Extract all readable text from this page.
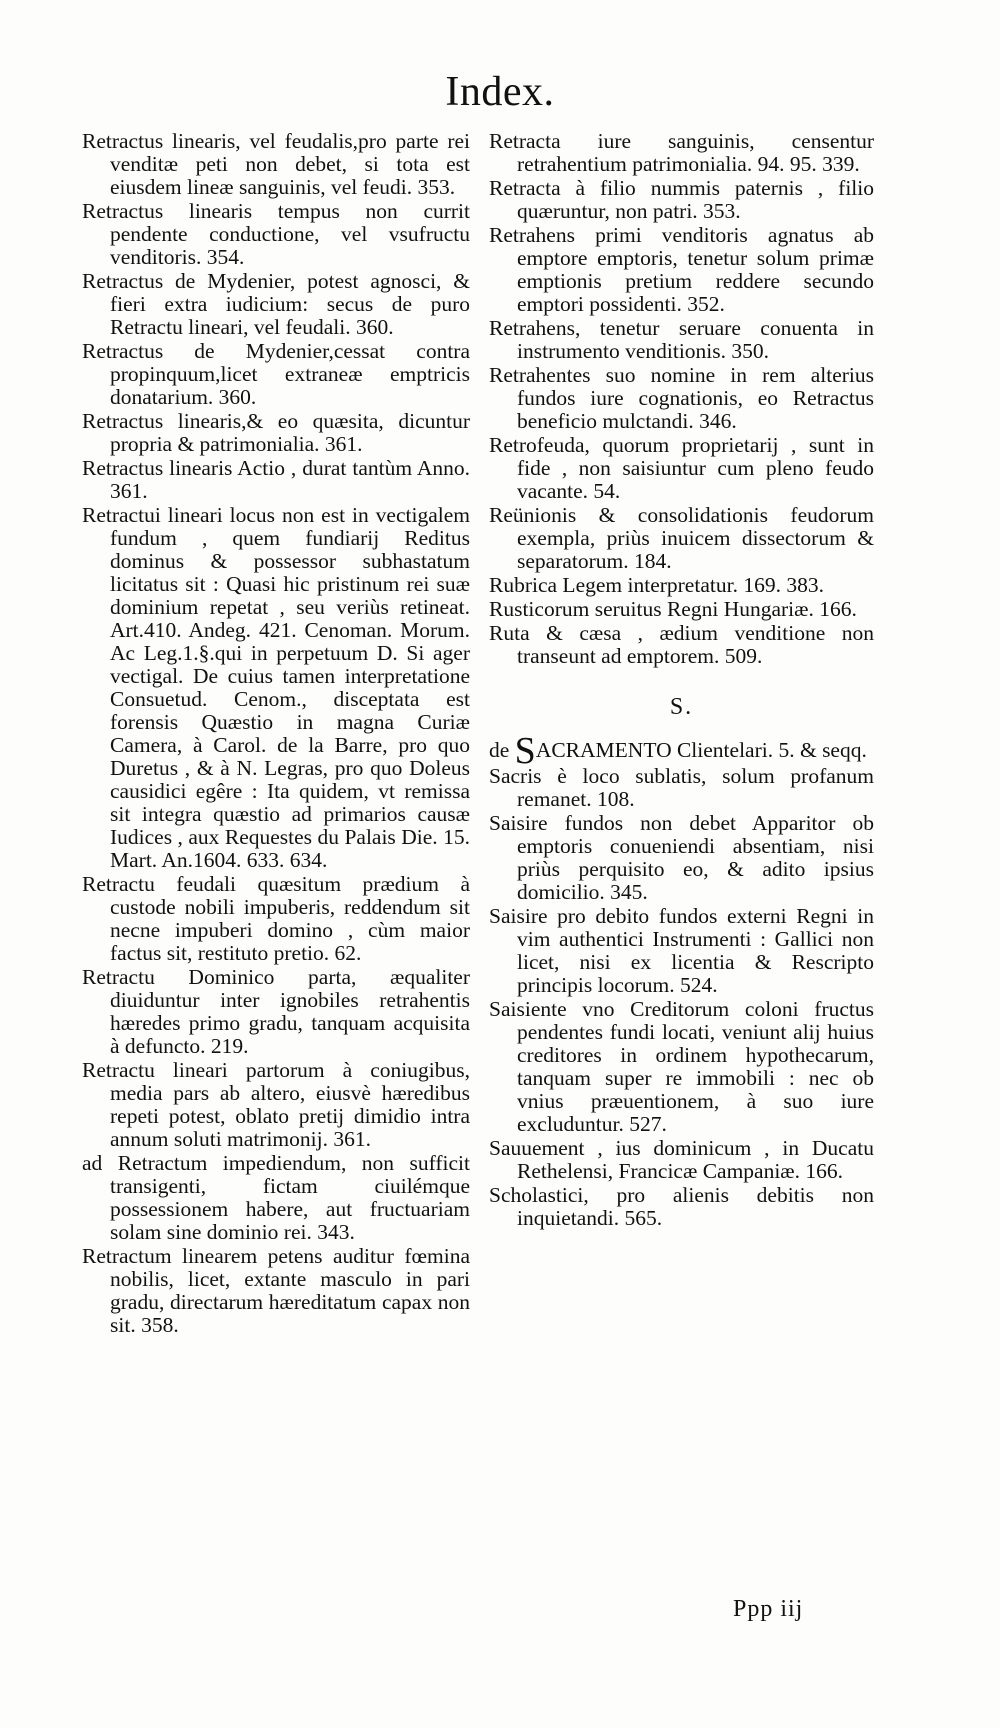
Index.

Retractus linearis, vel feudalis,pro parte rei venditæ peti non debet, si tota est eiusdem lineæ sanguinis, vel feudi. 353.

Retractus linearis tempus non currit pendente conductione, vel vsufructu venditoris. 354.

Retractus de Mydenier, potest agnosci, & fieri extra iudicium: secus de puro Retractu lineari, vel feudali. 360.

Retractus de Mydenier,cessat contra propinquum,licet extraneæ emptricis donatarium. 360.

Retractus linearis,& eo quæsita, dicuntur propria & patrimonialia. 361.

Retractus linearis Actio , durat tantùm Anno. 361.

Retractui lineari locus non est in vectigalem fundum , quem fundiarij Reditus dominus & possessor subhastatum licitatus sit : Quasi hic pristinum rei suæ dominium repetat , seu veriùs retineat. Art.410. Andeg. 421. Cenoman. Morum. Ac Leg.1.§.qui in perpetuum D. Si ager vectigal. De cuius tamen interpretatione Consuetud. Cenom., disceptata est forensis Quæstio in magna Curiæ Camera, à Carol. de la Barre, pro quo Duretus , & à N. Legras, pro quo Doleus causidici egêre : Ita quidem, vt remissa sit integra quæstio ad primarios causæ Iudices , aux Requestes du Palais Die. 15. Mart. An.1604. 633. 634.

Retractu feudali quæsitum prædium à custode nobili impuberis, reddendum sit necne impuberi domino , cùm maior factus sit, restituto pretio. 62.

Retractu Dominico parta, æqualiter diuiduntur inter ignobiles retrahentis hæredes primo gradu, tanquam acquisita à defuncto. 219.

Retractu lineari partorum à coniugibus, media pars ab altero, eiusvè hæredibus repeti potest, oblato pretij dimidio intra annum soluti matrimonij. 361.

ad Retractum impediendum, non sufficit transigenti, fictam ciuilémque possessionem habere, aut fructuariam solam sine dominio rei. 343.

Retractum linearem petens auditur fœmina nobilis, licet, extante masculo in pari gradu, directarum hæreditatum capax non sit. 358.

Retracta iure sanguinis, censentur retrahentium patrimonialia. 94. 95. 339.

Retracta à filio nummis paternis , filio quæruntur, non patri. 353.

Retrahens primi venditoris agnatus ab emptore emptoris, tenetur solum primæ emptionis pretium reddere secundo emptori possidenti. 352.

Retrahens, tenetur seruare conuenta in instrumento venditionis. 350.

Retrahentes suo nomine in rem alterius fundos iure cognationis, eo Retractus beneficio mulctandi. 346.

Retrofeuda, quorum proprietarij , sunt in fide , non saisiuntur cum pleno feudo vacante. 54.

Reünionis & consolidationis feudorum exempla, priùs inuicem dissectorum & separatorum. 184.

Rubrica Legem interpretatur. 169. 383.

Rusticorum seruitus Regni Hungariæ. 166.

Ruta & cæsa , ædium venditione non transeunt ad emptorem. 509.

S.

de SACRAMENTO Clientelari. 5. & seqq.

Sacris è loco sublatis, solum profanum remanet. 108.

Saisire fundos non debet Apparitor ob emptoris conueniendi absentiam, nisi priùs perquisito eo, & adito ipsius domicilio. 345.

Saisire pro debito fundos externi Regni in vim authentici Instrumenti : Gallici non licet, nisi ex licentia & Rescripto principis locorum. 524.

Saisiente vno Creditorum coloni fructus pendentes fundi locati, veniunt alij huius creditores in ordinem hypothecarum, tanquam super re immobili : nec ob vnius præuentionem, à suo iure excluduntur. 527.

Sauuement , ius dominicum , in Ducatu Rethelensi, Francicæ Campaniæ. 166.

Scholastici, pro alienis debitis non inquietandi. 565.

Ppp iij
